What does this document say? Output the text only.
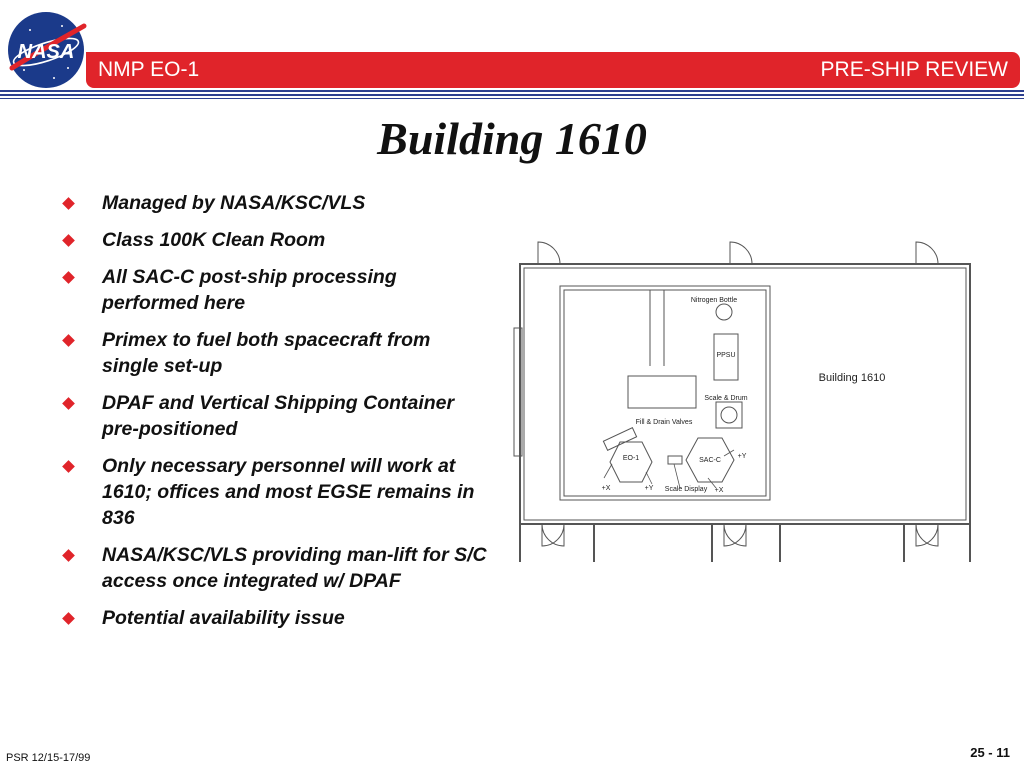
NASA
NMP EO-1	PRE-SHIP REVIEW
Building 1610
Managed by NASA/KSC/VLS
Class 100K Clean Room
All SAC-C post-ship processing performed here
Primex to fuel both spacecraft from single set-up
DPAF and Vertical Shipping Container pre-positioned
Only necessary personnel will work at 1610; offices and most EGSE remains in 836
NASA/KSC/VLS providing man-lift for S/C access once integrated w/ DPAF
Potential availability issue
Nitrogen Bottle
PPSU
Scale & Drum
Fill & Drain Valves
EO-1	SAC-C
+Y
+X	+Y Scale Display +X
Building 1610
PSR 12/15-17/99	25 - 11
